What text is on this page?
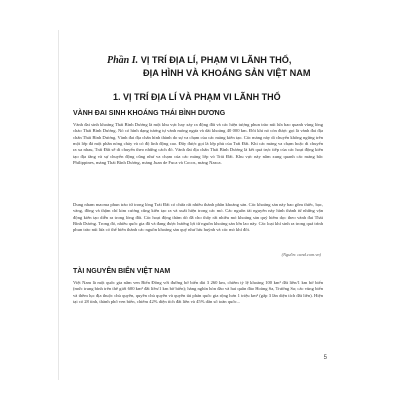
Phần I. VỊ TRÍ ĐỊA LÍ, PHẠM VI LÃNH THỔ,
ĐỊA HÌNH VÀ KHOÁNG SẢN VIỆT NAM
1. VỊ TRÍ ĐỊA LÍ VÀ PHẠM VI LÃNH THỔ
VÀNH ĐAI SINH KHOÁNG THÁI BÌNH DƯƠNG

Vành đai sinh khoáng Thái Bình Dương là một khu vực hay xảy ra động đất và các hiện tượng phun trào núi lửa bao quanh vùng lòng chảo Thái Bình Dương. Nó có hình dạng tương tự vành móng ngựa và dài khoảng 40 000 km. Đôi khi nó còn được gọi là vành đai địa chấn Thái Bình Dương. Vành đai địa chấn hình thành do sự va chạm của các mảng kiến tạo. Các mảng này di chuyển không ngừng trên một lớp đá một phần nóng chảy và có độ linh động cao. Đây được gọi là lớp phủ của Trái Đất. Khi các mảng va chạm hoặc di chuyển ra xa nhau, Trái Đất sẽ di chuyển theo những cách đó. Vành đai địa chấn Thái Bình Dương là kết quả trực tiếp của các hoạt động kiến tạo địa tầng và sự chuyển động cũng như va chạm của các mảng lớp vỏ Trái Đất. Khu vực này nằm xung quanh các mảng bắc Philippines, mảng Thái Bình Dương, mảng Juan de Fuca và Cocos, mảng Nazca.

Dung nham macma phun trào từ trong lòng Trái Đất có chứa rất nhiều thành phần khoáng sản. Các khoáng sản này bao gồm thiếc, bạc, vàng, đồng và thậm chí kim cương cũng kiến tạo ra và xuất hiện trong các mỏ. Các nguồn tài nguyên này hình thành từ những vận động kiến tạo diễn ra trong lòng đất. Các hoạt động thăm dò đã cho thấy rất nhiều mỏ khoáng sản quý hiếm dọc theo vành đai Thái Bình Dương. Trong đó, nhiều quốc gia đã và đang được hưởng lợi từ nguồn khoáng sản lớn lao này. Các loại khí sinh ra trong quá trình phun trào núi lửa có thể biến thành các nguồn khoáng sản quý như lưu huỳnh và các mỏ khí đốt.

(Nguồn: cand.com.vn)
TÀI NGUYÊN BIỂN VIỆT NAM

Việt Nam là một quốc gia nằm ven Biển Đông với đường bờ biển dài 3 260 km, chiếm tỷ lệ khoảng 100 km² đất liền/1 km bờ biển (mức trung bình trên thế giới 600 km² đất liền/1 km bờ biển); hàng nghìn hòn đảo và hai quần đảo Hoàng Sa, Trường Sa; các vùng biển và thềm lục địa thuộc chủ quyền, quyền chủ quyền và quyền tài phán quốc gia rộng hơn 1 triệu km² (gấp 3 lần diện tích đất liền). Hiện tại có 28 tỉnh, thành phố ven biển, chiếm 42% diện tích đất liền và 45% dân số toàn quốc...

5
